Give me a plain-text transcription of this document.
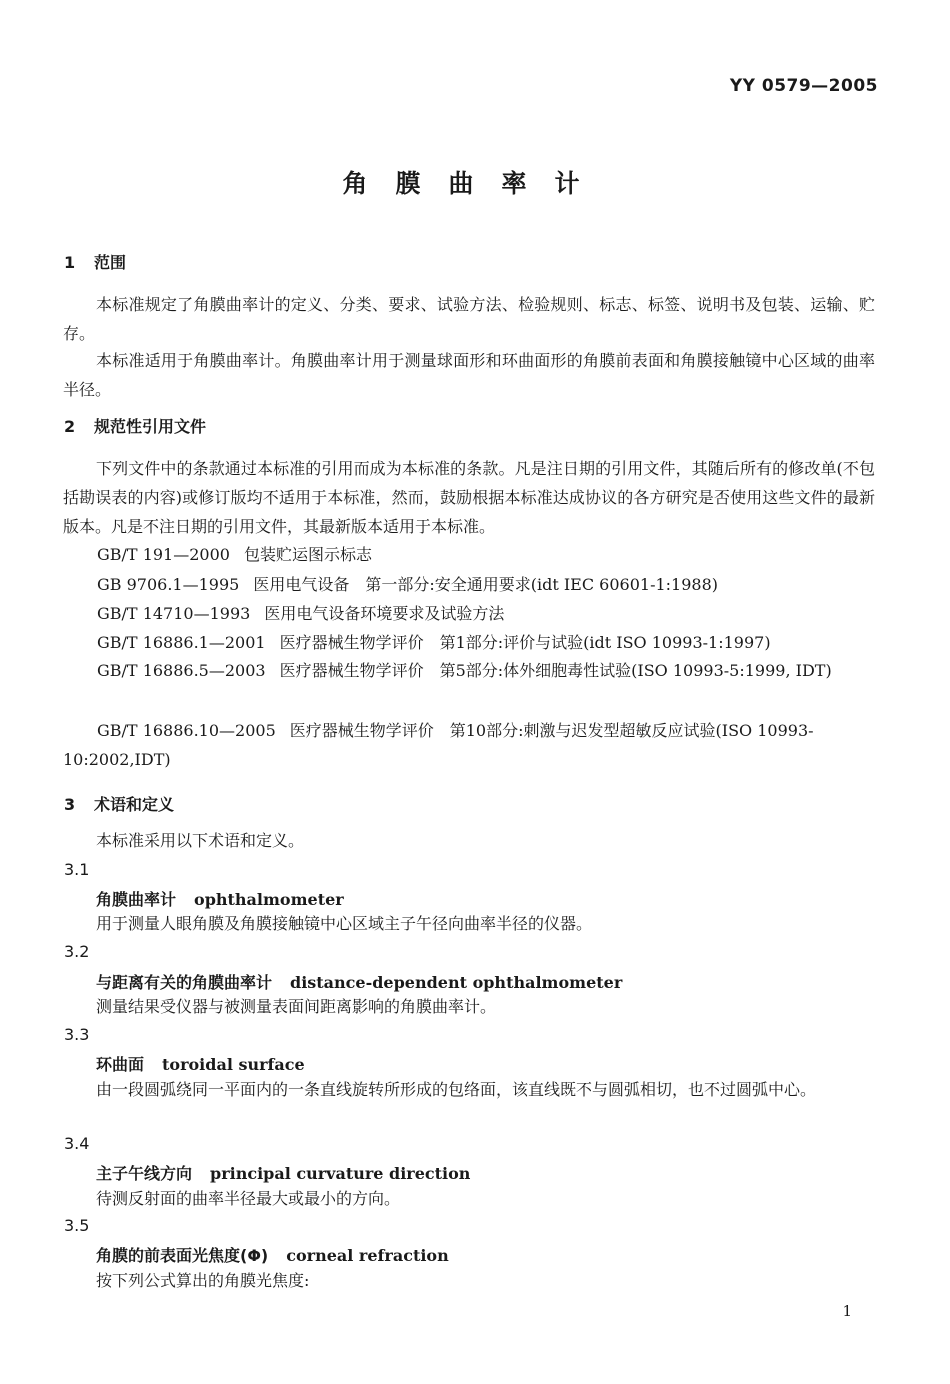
YY 0579—2005
角膜曲率计
1 范围
本标准规定了角膜曲率计的定义、分类、要求、试验方法、检验规则、标志、标签、说明书及包装、运输、贮存。
本标准适用于角膜曲率计。角膜曲率计用于测量球面形和环曲面形的角膜前表面和角膜接触镜中心区域的曲率半径。
2 规范性引用文件
下列文件中的条款通过本标准的引用而成为本标准的条款。凡是注日期的引用文件，其随后所有的修改单(不包括勘误表的内容)或修订版均不适用于本标准，然而，鼓励根据本标准达成协议的各方研究是否使用这些文件的最新版本。凡是不注日期的引用文件，其最新版本适用于本标准。
GB/T 191—2000 包装贮运图示标志
GB 9706.1—1995 医用电气设备　第一部分:安全通用要求(idt IEC 60601-1:1988)
GB/T 14710—1993 医用电气设备环境要求及试验方法
GB/T 16886.1—2001 医疗器械生物学评价　第1部分:评价与试验(idt ISO 10993-1:1997)
GB/T 16886.5—2003 医疗器械生物学评价　第5部分:体外细胞毒性试验(ISO 10993-5:1999, IDT)
GB/T 16886.10—2005 医疗器械生物学评价　第10部分:刺激与迟发型超敏反应试验(ISO 10993-10:2002,IDT)
3 术语和定义
本标准采用以下术语和定义。
3.1
角膜曲率计 ophthalmometer
用于测量人眼角膜及角膜接触镜中心区域主子午径向曲率半径的仪器。
3.2
与距离有关的角膜曲率计 distance-dependent ophthalmometer
测量结果受仪器与被测量表面间距离影响的角膜曲率计。
3.3
环曲面 toroidal surface
由一段圆弧绕同一平面内的一条直线旋转所形成的包络面，该直线既不与圆弧相切，也不过圆弧中心。
3.4
主子午线方向 principal curvature direction
待测反射面的曲率半径最大或最小的方向。
3.5
角膜的前表面光焦度(Φ) corneal refraction
按下列公式算出的角膜光焦度:
1
